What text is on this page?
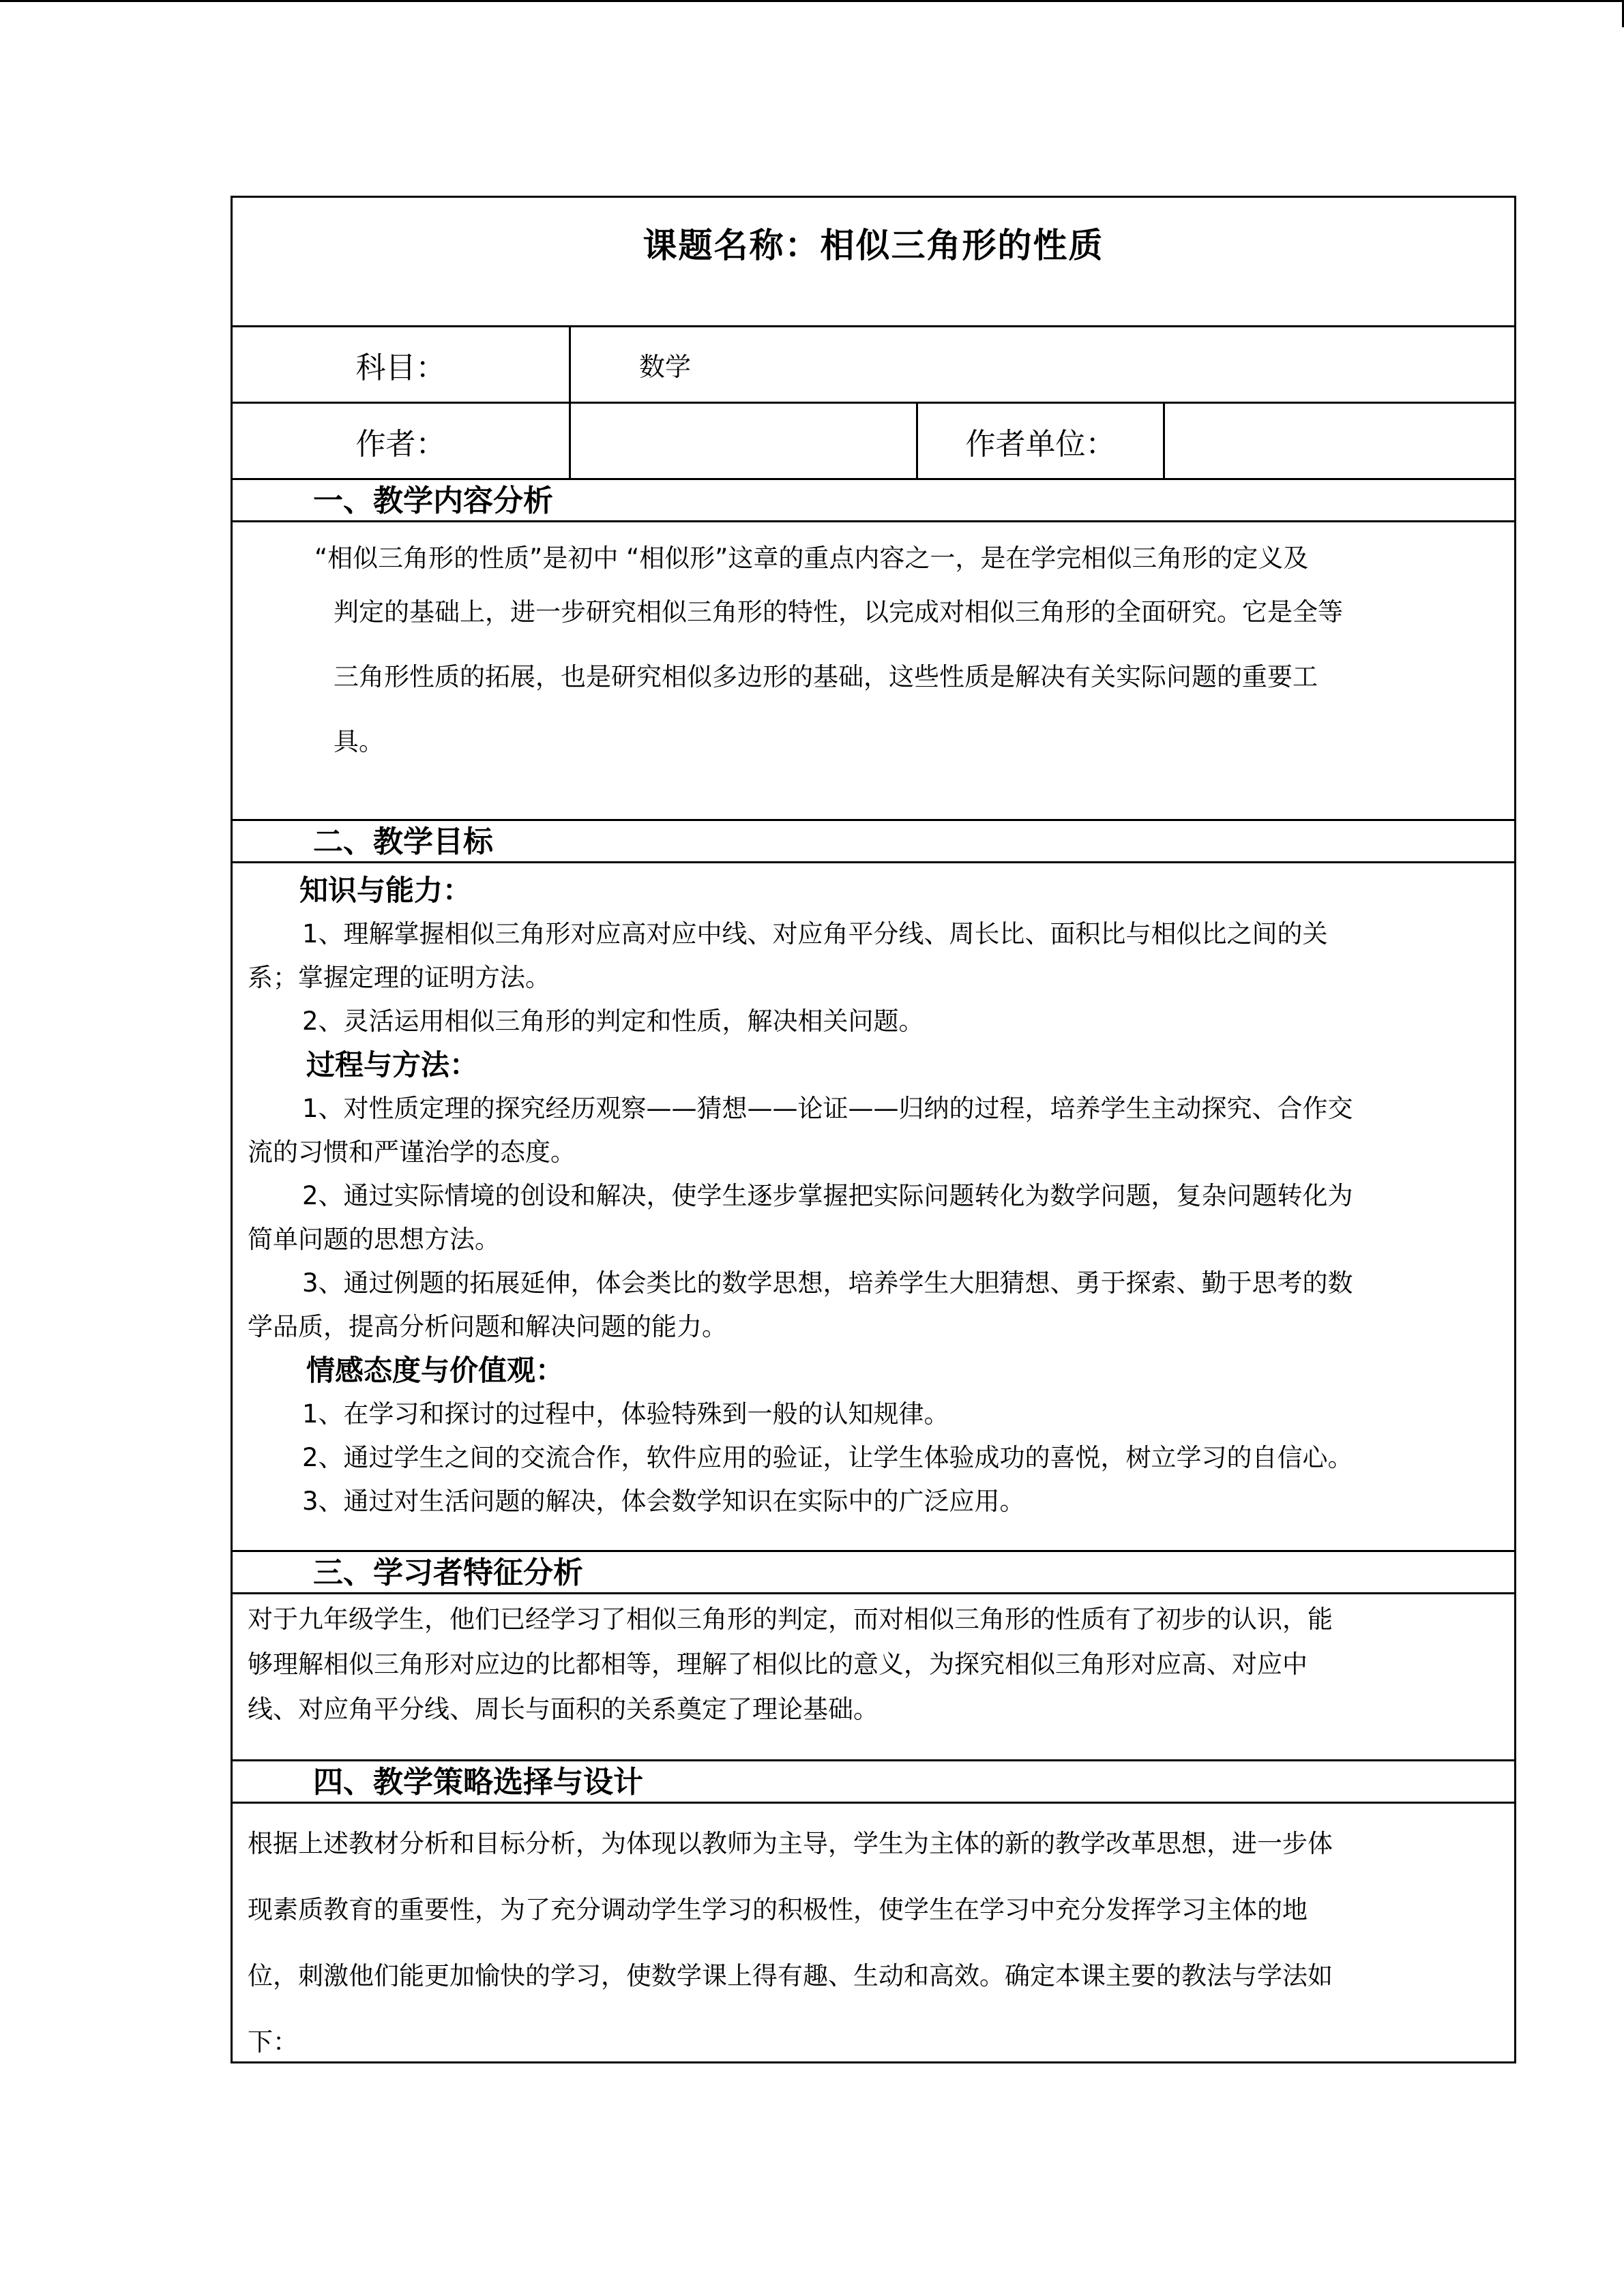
课题名称：相似三角形的性质
科目：	数学
作者：	作者单位：
一、教学内容分析
“相似三角形的性质”是初中 “相似形”这章的重点内容之一，是在学完相似三角形的定义及
判定的基础上，进一步研究相似三角形的特性，以完成对相似三角形的全面研究。它是全等
三角形性质的拓展，也是研究相似多边形的基础，这些性质是解决有关实际问题的重要工
具。
二、教学目标
知识与能力：
1、理解掌握相似三角形对应高对应中线、对应角平分线、周长比、面积比与相似比之间的关
系；掌握定理的证明方法。
2、灵活运用相似三角形的判定和性质，解决相关问题。
过程与方法：
1、对性质定理的探究经历观察——猜想——论证——归纳的过程，培养学生主动探究、合作交
流的习惯和严谨治学的态度。
2、通过实际情境的创设和解决，使学生逐步掌握把实际问题转化为数学问题，复杂问题转化为
简单问题的思想方法。
3、通过例题的拓展延伸，体会类比的数学思想，培养学生大胆猜想、勇于探索、勤于思考的数
学品质，提高分析问题和解决问题的能力。
情感态度与价值观：
1、在学习和探讨的过程中，体验特殊到一般的认知规律。
2、通过学生之间的交流合作，软件应用的验证，让学生体验成功的喜悦，树立学习的自信心。
3、通过对生活问题的解决，体会数学知识在实际中的广泛应用。
三、学习者特征分析
对于九年级学生，他们已经学习了相似三角形的判定，而对相似三角形的性质有了初步的认识，能
够理解相似三角形对应边的比都相等，理解了相似比的意义，为探究相似三角形对应高、对应中
线、对应角平分线、周长与面积的关系奠定了理论基础。
四、教学策略选择与设计
根据上述教材分析和目标分析，为体现以教师为主导，学生为主体的新的教学改革思想，进一步体
现素质教育的重要性，为了充分调动学生学习的积极性，使学生在学习中充分发挥学习主体的地
位，刺激他们能更加愉快的学习，使数学课上得有趣、生动和高效。确定本课主要的教法与学法如
下：
